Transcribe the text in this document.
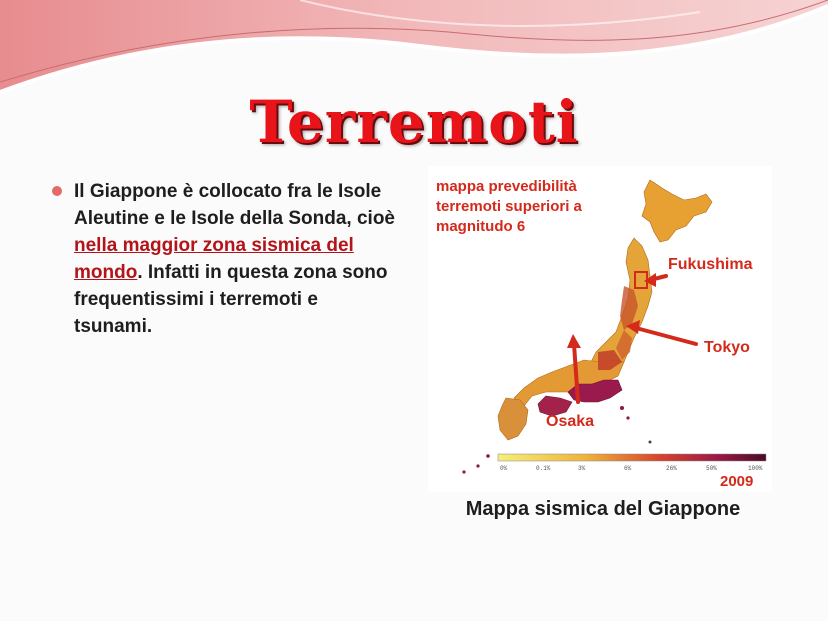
Terremoti

Il Giappone è collocato fra le Isole Aleutine e le Isole della Sonda, cioè nella maggior zona sismica del mondo. Infatti in questa zona sono frequentissimi i terremoti e tsunami.

mappa prevedibilità
terremoti superiori a
magnitudo 6
Fukushima
Tokyo
Osaka
0%	0.1%	3%	6%	26%	50%	100%
2009
Mappa sismica del Giappone
